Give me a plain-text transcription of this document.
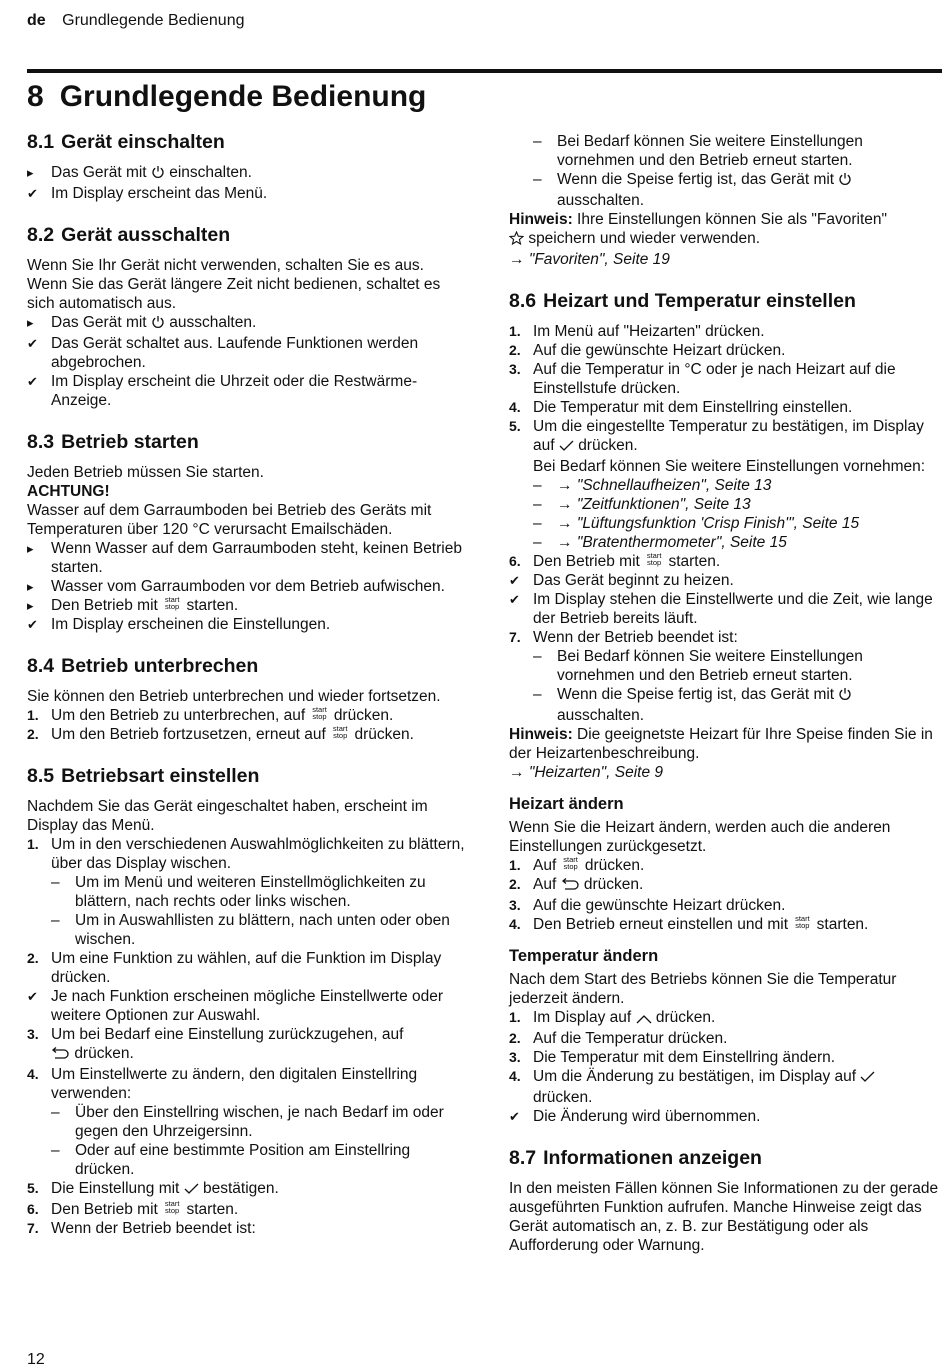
de Grundlegende Bedienung
8 Grundlegende Bedienung
8.1 Gerät einschalten
▸ Das Gerät mit einschalten.
✔ Im Display erscheint das Menü.
8.2 Gerät ausschalten

Wenn Sie Ihr Gerät nicht verwenden, schalten Sie es aus. Wenn Sie das Gerät längere Zeit nicht bedienen, schaltet es sich automatisch aus.

▸ Das Gerät mit ausschalten.
✔ Das Gerät schaltet aus. Laufende Funktionen werden abgebrochen.
✔ Im Display erscheint die Uhrzeit oder die Restwärme-Anzeige.
8.3 Betrieb starten

Jeden Betrieb müssen Sie starten.

ACHTUNG!

Wasser auf dem Garraumboden bei Betrieb des Geräts mit Temperaturen über 120 °C verursacht Emailschäden.

▸ Wenn Wasser auf dem Garraumboden steht, keinen Betrieb starten.
▸ Wasser vom Garraumboden vor dem Betrieb aufwischen.
▸ Den Betrieb mit start
stop starten.
✔ Im Display erscheinen die Einstellungen.
8.4 Betrieb unterbrechen

Sie können den Betrieb unterbrechen und wieder fortsetzen.

1. Um den Betrieb zu unterbrechen, auf start
stop drücken.
2. Um den Betrieb fortzusetzen, erneut auf start
stop drücken.
8.5 Betriebsart einstellen

Nachdem Sie das Gerät eingeschaltet haben, erscheint im Display das Menü.

1. Um in den verschiedenen Auswahlmöglichkeiten zu blättern, über das Display wischen.
– Um im Menü und weiteren Einstellmöglichkeiten zu blättern, nach rechts oder links wischen.
– Um in Auswahllisten zu blättern, nach unten oder oben wischen.
2. Um eine Funktion zu wählen, auf die Funktion im Display drücken.
✔ Je nach Funktion erscheinen mögliche Einstellwerte oder weitere Optionen zur Auswahl.
3. Um bei Bedarf eine Einstellung zurückzugehen, auf
drücken.
4. Um Einstellwerte zu ändern, den digitalen Einstellring verwenden:
– Über den Einstellring wischen, je nach Bedarf im oder gegen den Uhrzeigersinn.
– Oder auf eine bestimmte Position am Einstellring drücken.
5. Die Einstellung mit bestätigen.
6. Den Betrieb mit start
stop starten.
7. Wenn der Betrieb beendet ist:
– Bei Bedarf können Sie weitere Einstellungen vornehmen und den Betrieb erneut starten.
– Wenn die Speise fertig ist, das Gerät mit  ausschalten.

Hinweis: Ihre Einstellungen können Sie als "Favoriten"
speichern und wieder verwenden.

→ "Favoriten", Seite 19

8.6 Heizart und Temperatur einstellen
1. Im Menü auf "Heizarten" drücken.
2. Auf die gewünschte Heizart drücken.
3. Auf die Temperatur in °C oder je nach Heizart auf die Einstellstufe drücken.
4. Die Temperatur mit dem Einstellring einstellen.
5. Um die eingestellte Temperatur zu bestätigen, im Display auf drücken.
Bei Bedarf können Sie weitere Einstellungen vornehmen:
– → "Schnellaufheizen", Seite 13
– → "Zeitfunktionen", Seite 13
– → "Lüftungsfunktion 'Crisp Finish'", Seite 15
– → "Bratenthermometer", Seite 15
6. Den Betrieb mit start
stop starten.
✔ Das Gerät beginnt zu heizen.
✔ Im Display stehen die Einstellwerte und die Zeit, wie lange der Betrieb bereits läuft.
7. Wenn der Betrieb beendet ist:
– Bei Bedarf können Sie weitere Einstellungen vornehmen und den Betrieb erneut starten.
– Wenn die Speise fertig ist, das Gerät mit  ausschalten.

Hinweis: Die geeignetste Heizart für Ihre Speise finden Sie in der Heizartenbeschreibung.

→ "Heizarten", Seite 9

Heizart ändern

Wenn Sie die Heizart ändern, werden auch die anderen Einstellungen zurückgesetzt.

1. Auf start
stop drücken.
2. Auf drücken.
3. Auf die gewünschte Heizart drücken.
4. Den Betrieb erneut einstellen und mit start
stop starten.
Temperatur ändern

Nach dem Start des Betriebs können Sie die Temperatur jederzeit ändern.

1. Im Display auf drücken.
2. Auf die Temperatur drücken.
3. Die Temperatur mit dem Einstellring ändern.
4. Um die Änderung zu bestätigen, im Display auf
drücken.
✔ Die Änderung wird übernommen.
8.7 Informationen anzeigen

In den meisten Fällen können Sie Informationen zu der gerade ausgeführten Funktion aufrufen. Manche Hinweise zeigt das Gerät automatisch an, z. B. zur Bestätigung oder als Aufforderung oder Warnung.

12
